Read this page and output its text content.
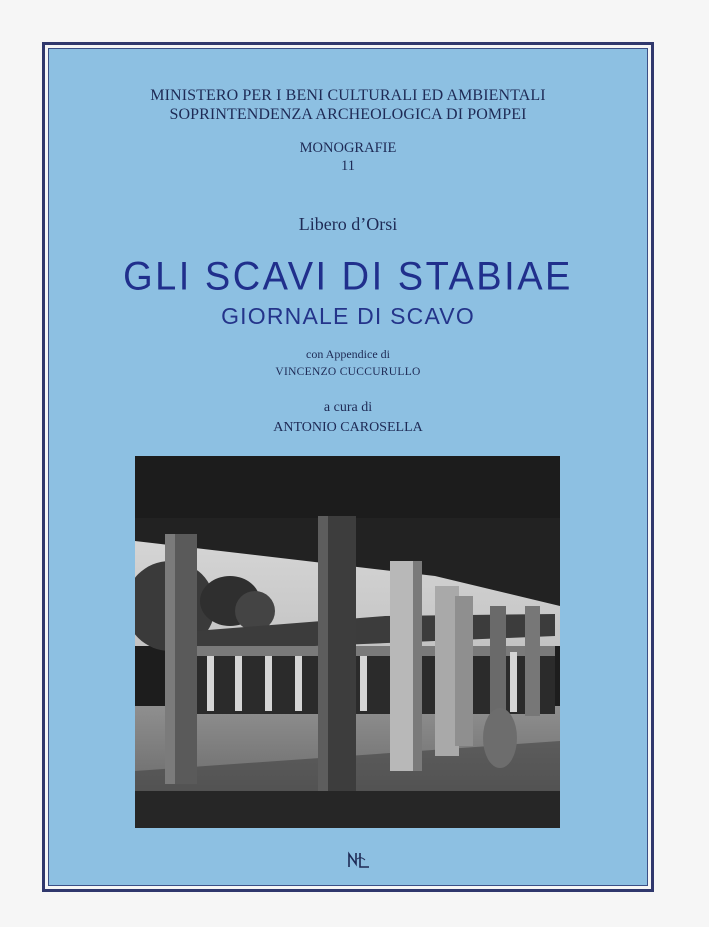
MINISTERO PER I BENI CULTURALI ED AMBIENTALI
SOPRINTENDENZA ARCHEOLOGICA DI POMPEI
MONOGRAFIE
11
Libero d’Orsi
GLI SCAVI DI STABIAE
GIORNALE DI SCAVO
con Appendice di
VINCENZO CUCCURULLO
a cura di
ANTONIO CAROSELLA
